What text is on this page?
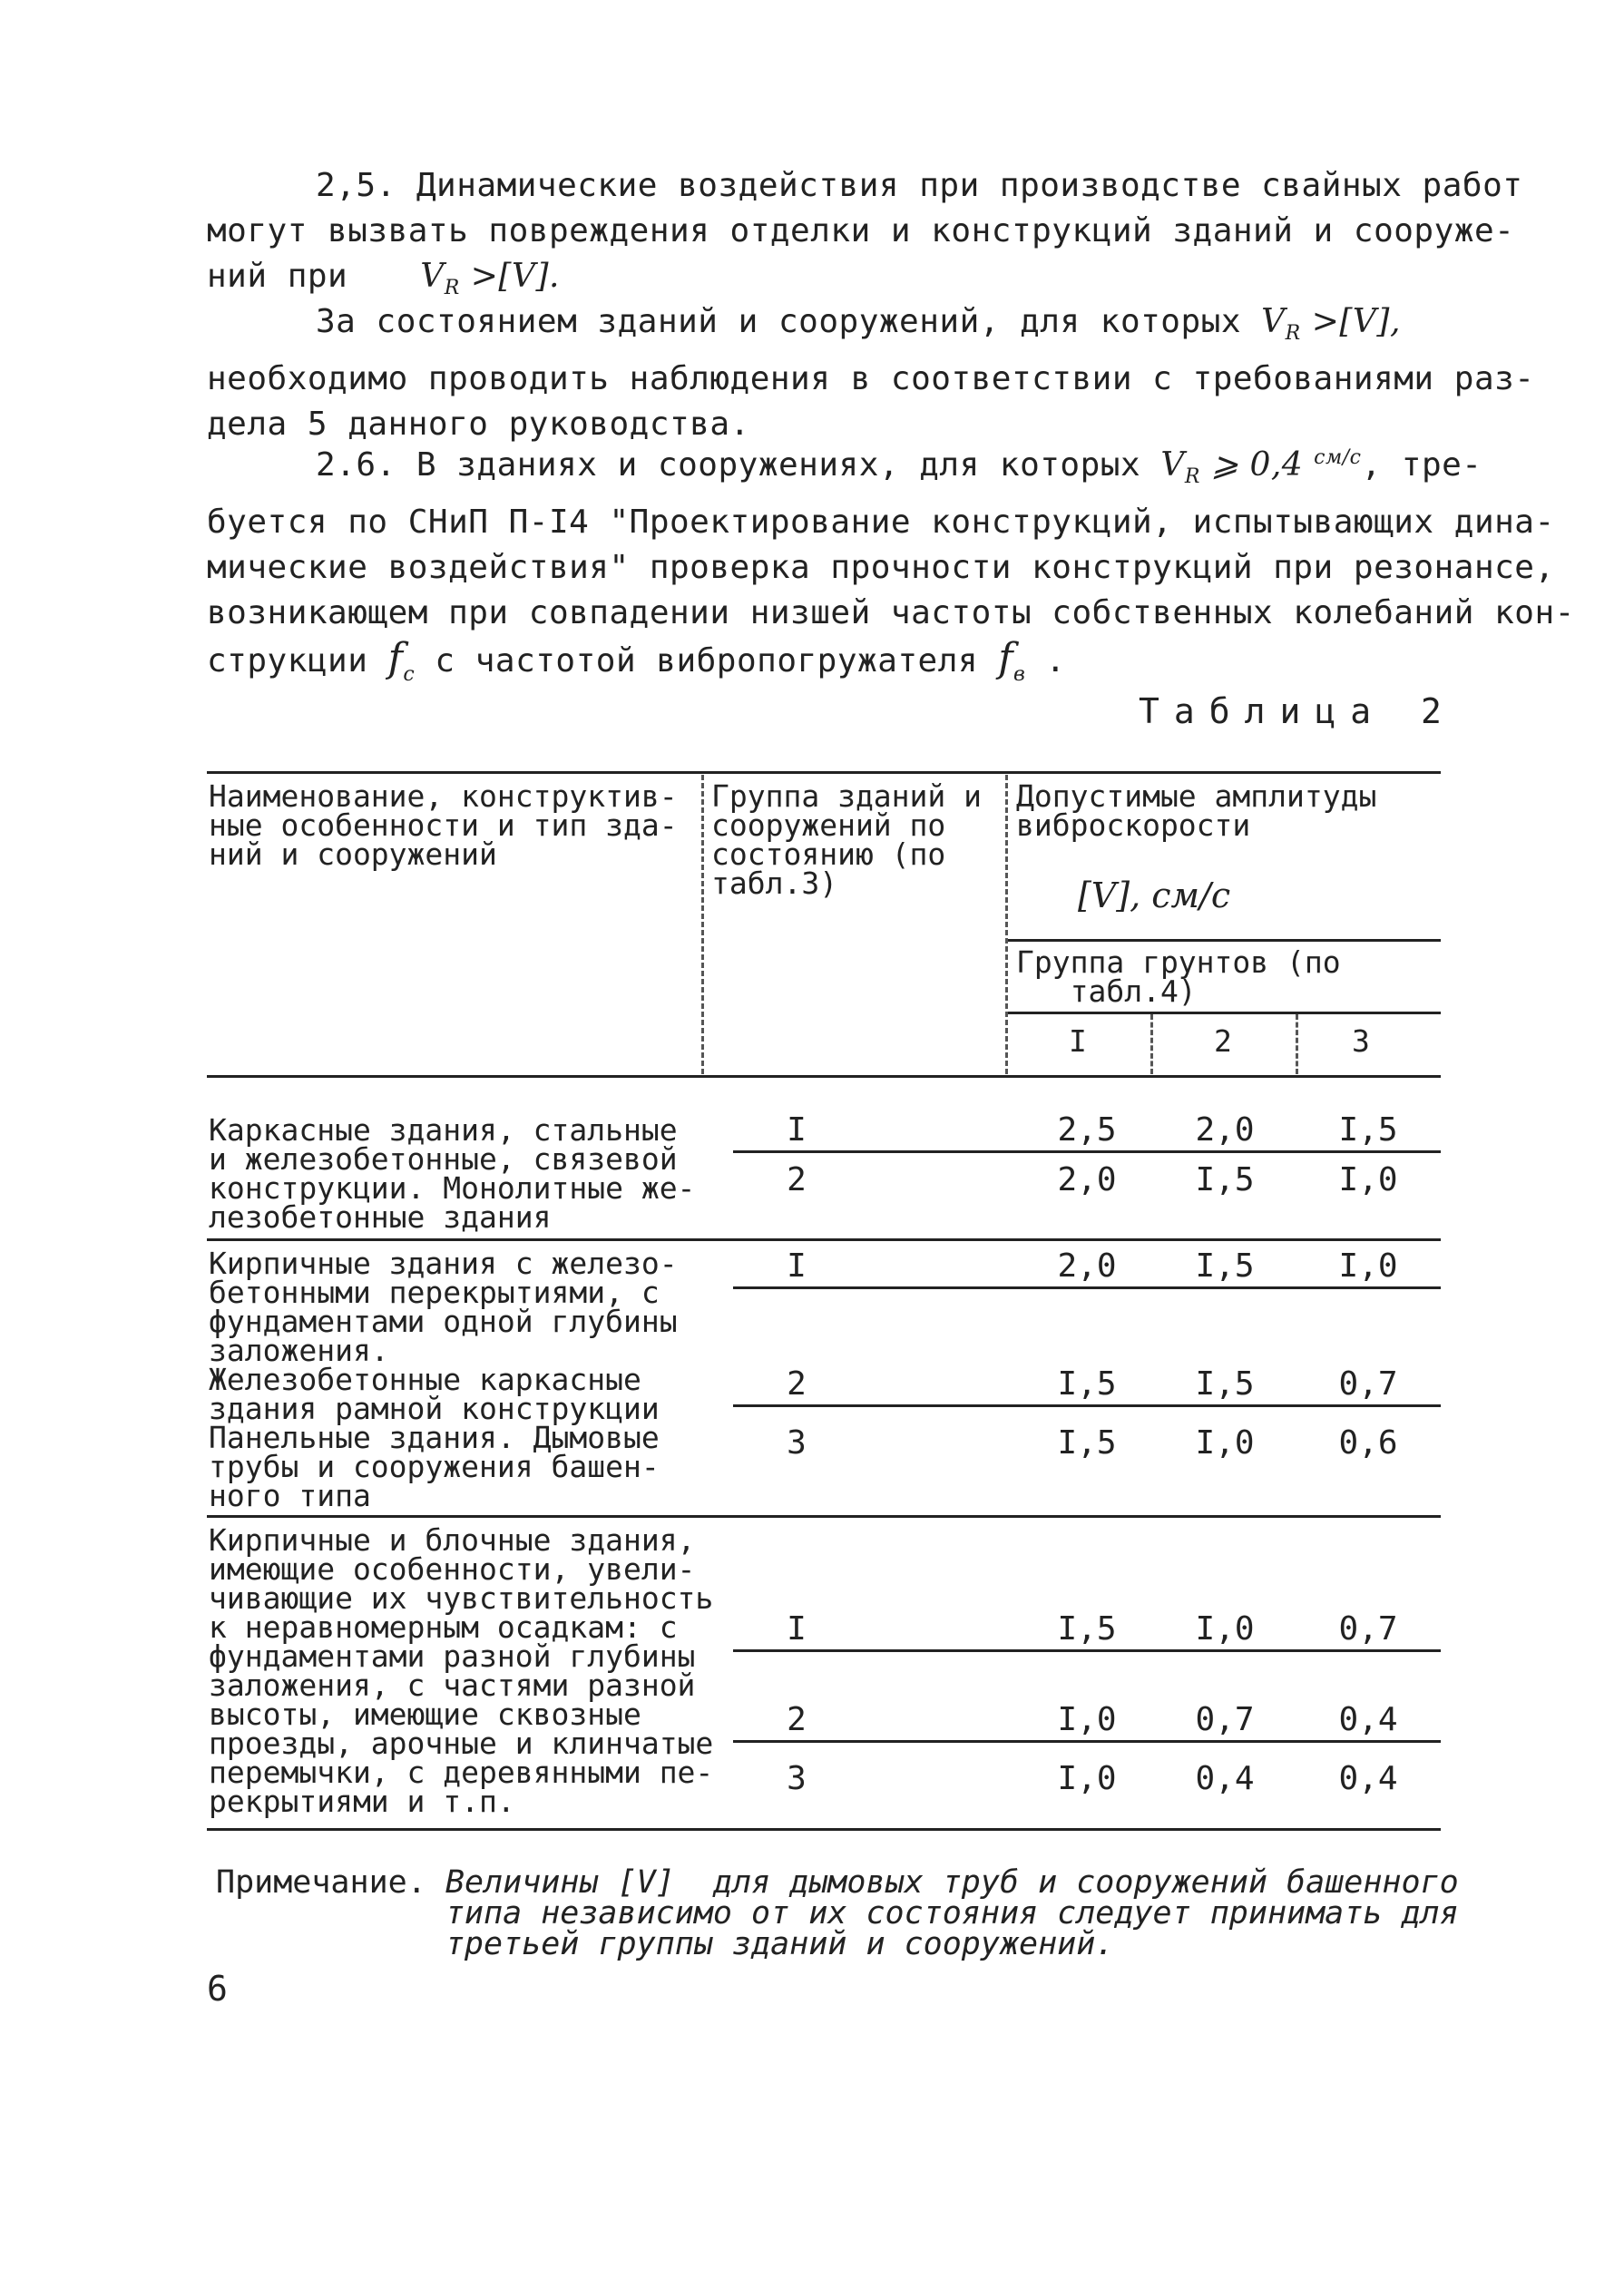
2,5. Динамические воздействия при производстве свайных работ
могут вызвать повреждения отделки и конструкций зданий и сооруже-
ний при $V_R >[V]$.
За состоянием зданий и сооружений, для которых $V_R >[V]$,
необходимо проводить наблюдения в соответствии с требованиями раз-
дела 5 данного руководства.
2.6. В зданиях и сооружениях, для которых $V_R$ ⩾ 0,4 $^{см/с}$, тре-
буется по СНиП П-I4 "Проектирование конструкций, испытывающих дина-
мические воздействия" проверка прочности конструкций при резонансе,
возникающем при совпадении низшей частоты собственных колебаний кон-
струкции $f_c$ с частотой вибропогружателя $f_в$ .
Таблица 2
Наименование, конструктив-
ные особенности и тип зда-
ний и сооружений
Группа зданий и
сооружений по
состоянию (по
табл.3)
Допустимые амплитуды
виброскорости
[V], см/с
Группа грунтов (по
табл.4)
I	2	3
Каркасные здания, стальные
и железобетонные, связевой
конструкции. Монолитные же-
лезобетонные здания
I	2,5	2,0	I,5
2	2,0	I,5	I,0
Кирпичные здания с железо-
бетонными перекрытиями, с
фундаментами одной глубины
заложения.
Железобетонные каркасные
здания рамной конструкции
Панельные здания. Дымовые
трубы и сооружения башен-
ного типа
I	2,0	I,5	I,0
2	I,5	I,5	0,7
3	I,5	I,0	0,6
Кирпичные и блочные здания,
имеющие особенности, увели-
чивающие их чувствительность
к неравномерным осадкам: с
фундаментами разной глубины
заложения, с частями разной
высоты, имеющие сквозные
проезды, арочные и клинчатые
перемычки, с деревянными пе-
рекрытиями и т.п.
I	I,5	I,0	0,7
2	I,0	0,7	0,4
3	I,0	0,4	0,4
Примечание. Величины [V]  для дымовых труб и сооружений башенного
типа независимо от их состояния следует принимать для
третьей группы зданий и сооружений.
6
